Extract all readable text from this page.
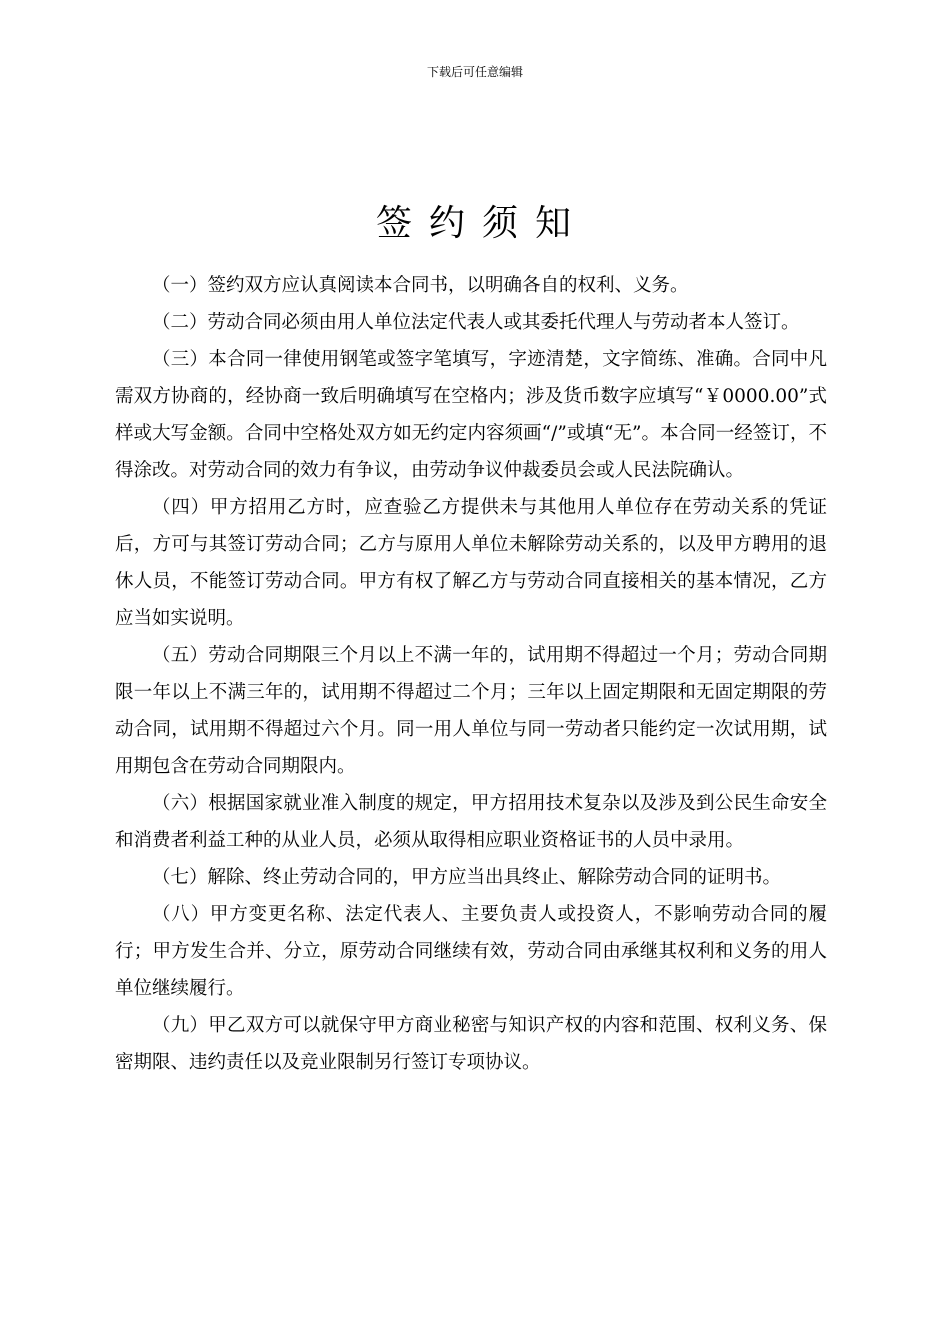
下载后可任意编辑
签约须知

（一）签约双方应认真阅读本合同书，以明确各自的权利、义务。

（二）劳动合同必须由用人单位法定代表人或其委托代理人与劳动者本人签订。

（三）本合同一律使用钢笔或签字笔填写，字迹清楚，文字简练、准确。合同中凡需双方协商的，经协商一致后明确填写在空格内；涉及货币数字应填写“￥0000.00”式样或大写金额。合同中空格处双方如无约定内容须画“/”或填“无”。本合同一经签订，不得涂改。对劳动合同的效力有争议，由劳动争议仲裁委员会或人民法院确认。

（四）甲方招用乙方时，应查验乙方提供未与其他用人单位存在劳动关系的凭证后，方可与其签订劳动合同；乙方与原用人单位未解除劳动关系的，以及甲方聘用的退休人员，不能签订劳动合同。甲方有权了解乙方与劳动合同直接相关的基本情况，乙方应当如实说明。

（五）劳动合同期限三个月以上不满一年的，试用期不得超过一个月；劳动合同期限一年以上不满三年的，试用期不得超过二个月；三年以上固定期限和无固定期限的劳动合同，试用期不得超过六个月。同一用人单位与同一劳动者只能约定一次试用期，试用期包含在劳动合同期限内。

（六）根据国家就业准入制度的规定，甲方招用技术复杂以及涉及到公民生命安全和消费者利益工种的从业人员，必须从取得相应职业资格证书的人员中录用。

（七）解除、终止劳动合同的，甲方应当出具终止、解除劳动合同的证明书。

（八）甲方变更名称、法定代表人、主要负责人或投资人，不影响劳动合同的履行；甲方发生合并、分立，原劳动合同继续有效，劳动合同由承继其权利和义务的用人单位继续履行。

（九）甲乙双方可以就保守甲方商业秘密与知识产权的内容和范围、权利义务、保密期限、违约责任以及竞业限制另行签订专项协议。
